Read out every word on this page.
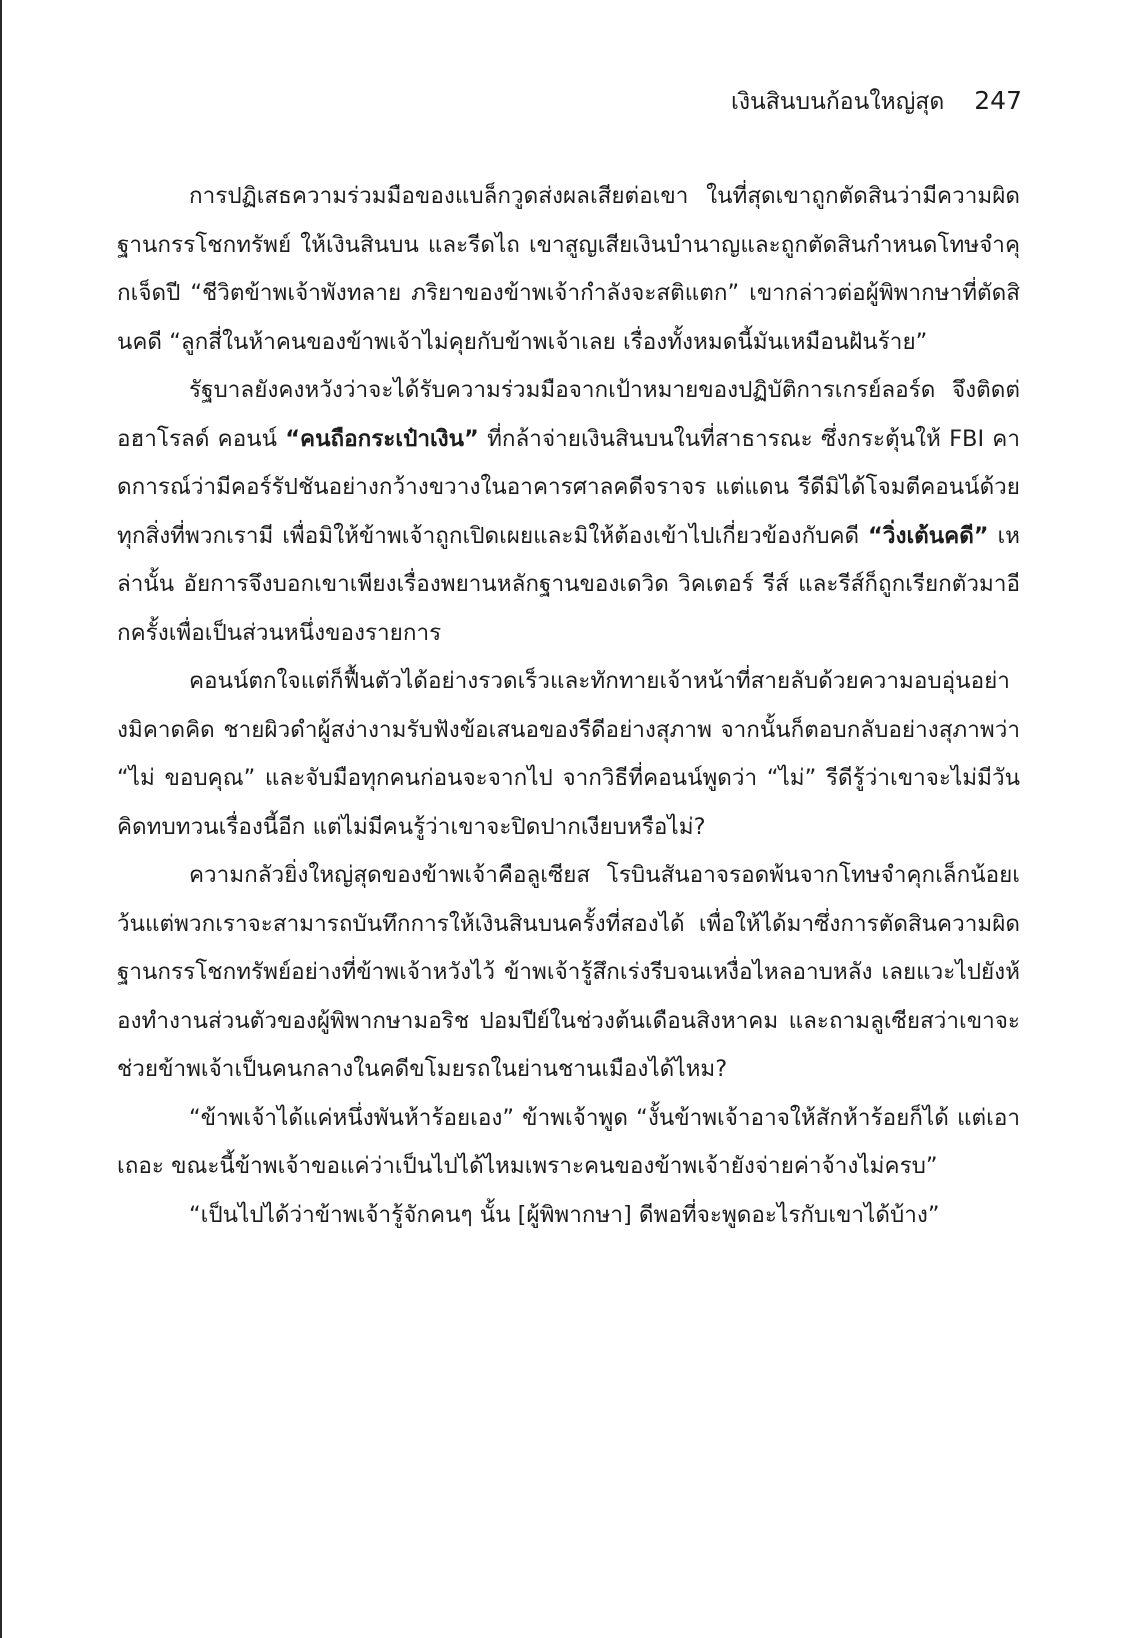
เงินสินบนก้อนใหญ่สุด 247

การปฏิเสธความร่วมมือของแบล็กวูดส่งผลเสียต่อเขา ในที่สุดเขาถูกตัดสินว่ามีความผิดฐานกรรโชกทรัพย์ ให้เงินสินบน และรีดไถ เขาสูญเสียเงินบำนาญและถูกตัดสินกำหนดโทษจำคุกเจ็ดปี “ชีวิตข้าพเจ้าพังทลาย ภริยาของข้าพเจ้ากำลังจะสติแตก” เขากล่าวต่อผู้พิพากษาที่ตัดสินคดี “ลูกสี่ในห้าคนของข้าพเจ้าไม่คุยกับข้าพเจ้าเลย เรื่องทั้งหมดนี้มันเหมือนฝันร้าย”

รัฐบาลยังคงหวังว่าจะได้รับความร่วมมือจากเป้าหมายของปฏิบัติการเกรย์ลอร์ด จึงติดต่อฮาโรลด์ คอนน์ “คนถือกระเป๋าเงิน” ที่กล้าจ่ายเงินสินบนในที่สาธารณะ ซึ่งกระตุ้นให้ FBI คาดการณ์ว่ามีคอร์รัปชันอย่างกว้างขวางในอาคารศาลคดีจราจร แต่แดน รีดีมิได้โจมตีคอนน์ด้วยทุกสิ่งที่พวกเรามี เพื่อมิให้ข้าพเจ้าถูกเปิดเผยและมิให้ต้องเข้าไปเกี่ยวข้องกับคดี “วิ่งเต้นคดี” เหล่านั้น อัยการจึงบอกเขาเพียงเรื่องพยานหลักฐานของเดวิด วิคเตอร์ รีส์ และรีส์ก็ถูกเรียกตัวมาอีกครั้งเพื่อเป็นส่วนหนึ่งของรายการ

คอนน์ตกใจแต่ก็ฟื้นตัวได้อย่างรวดเร็วและทักทายเจ้าหน้าที่สายลับด้วยความอบอุ่นอย่างมิคาดคิด ชายผิวดำผู้สง่างามรับฟังข้อเสนอของรีดีอย่างสุภาพ จากนั้นก็ตอบกลับอย่างสุภาพว่า “ไม่ ขอบคุณ” และจับมือทุกคนก่อนจะจากไป จากวิธีที่คอนน์พูดว่า “ไม่” รีดีรู้ว่าเขาจะไม่มีวันคิดทบทวนเรื่องนี้อีก แต่ไม่มีคนรู้ว่าเขาจะปิดปากเงียบหรือไม่?

ความกลัวยิ่งใหญ่สุดของข้าพเจ้าคือลูเซียส โรบินสันอาจรอดพ้นจากโทษจำคุกเล็กน้อยเว้นแต่พวกเราจะสามารถบันทึกการให้เงินสินบนครั้งที่สองได้ เพื่อให้ได้มาซึ่งการตัดสินความผิดฐานกรรโชกทรัพย์อย่างที่ข้าพเจ้าหวังไว้ ข้าพเจ้ารู้สึกเร่งรีบจนเหงื่อไหลอาบหลัง เลยแวะไปยังห้องทำงานส่วนตัวของผู้พิพากษามอริช ปอมปีย์ในช่วงต้นเดือนสิงหาคม และถามลูเซียสว่าเขาจะช่วยข้าพเจ้าเป็นคนกลางในคดีขโมยรถในย่านชานเมืองได้ไหม?

“ข้าพเจ้าได้แค่หนึ่งพันห้าร้อยเอง” ข้าพเจ้าพูด “งั้นข้าพเจ้าอาจให้สักห้าร้อยก็ได้ แต่เอาเถอะ ขณะนี้ข้าพเจ้าขอแค่ว่าเป็นไปได้ไหมเพราะคนของข้าพเจ้ายังจ่ายค่าจ้างไม่ครบ”

“เป็นไปได้ว่าข้าพเจ้ารู้จักคนๆ นั้น [ผู้พิพากษา] ดีพอที่จะพูดอะไรกับเขาได้บ้าง”
